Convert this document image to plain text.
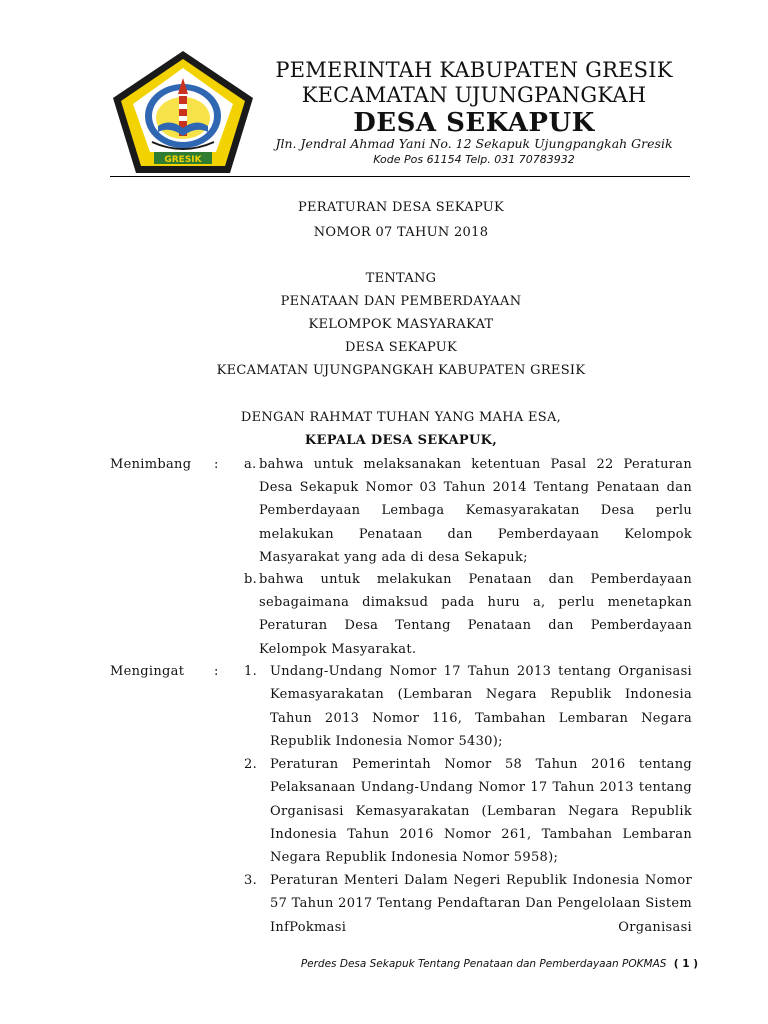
GRESIK
PEMERINTAH KABUPATEN GRESIK
KECAMATAN UJUNGPANGKAH
DESA SEKAPUK
Jln. Jendral Ahmad Yani No. 12 Sekapuk Ujungpangkah Gresik
Kode Pos 61154 Telp. 031 70783932
PERATURAN DESA SEKAPUK
NOMOR 07 TAHUN 2018
TENTANG
PENATAAN DAN PEMBERDAYAAN
KELOMPOK MASYARAKAT
DESA SEKAPUK
KECAMATAN UJUNGPANGKAH KABUPATEN GRESIK
DENGAN RAHMAT TUHAN YANG MAHA ESA,
KEPALA DESA SEKAPUK,
Menimbang : a. bahwa untuk melaksanakan ketentuan Pasal 22 Peraturan
Desa Sekapuk Nomor 03 Tahun 2014 Tentang Penataan dan Pemberdayaan Lembaga Kemasyarakatan Desa perlu melakukan Penataan dan Pemberdayaan Kelompok Masyarakat yang ada di desa Sekapuk;
b. bahwa untuk melakukan Penataan dan Pemberdayaan
sebagaimana dimaksud pada huru a, perlu menetapkan Peraturan Desa Tentang Penataan dan Pemberdayaan Kelompok Masyarakat.
Mengingat : 1. Undang-Undang Nomor 17 Tahun 2013 tentang Organisasi Kemasyarakatan (Lembaran Negara Republik Indonesia Tahun 2013 Nomor 116, Tambahan Lembaran Negara Republik Indonesia Nomor 5430);
2. Peraturan Pemerintah Nomor 58 Tahun 2016 tentang Pelaksanaan Undang-Undang Nomor 17 Tahun 2013 tentang Organisasi Kemasyarakatan (Lembaran Negara Republik Indonesia Tahun 2016 Nomor 261, Tambahan Lembaran Negara Republik Indonesia Nomor 5958);
3. Peraturan Menteri Dalam Negeri Republik Indonesia Nomor 57 Tahun 2017 Tentang Pendaftaran Dan Pengelolaan Sistem InfPokmasi Organisasi
Perdes Desa Sekapuk Tentang Penataan dan Pemberdayaan POKMAS ( 1 )
